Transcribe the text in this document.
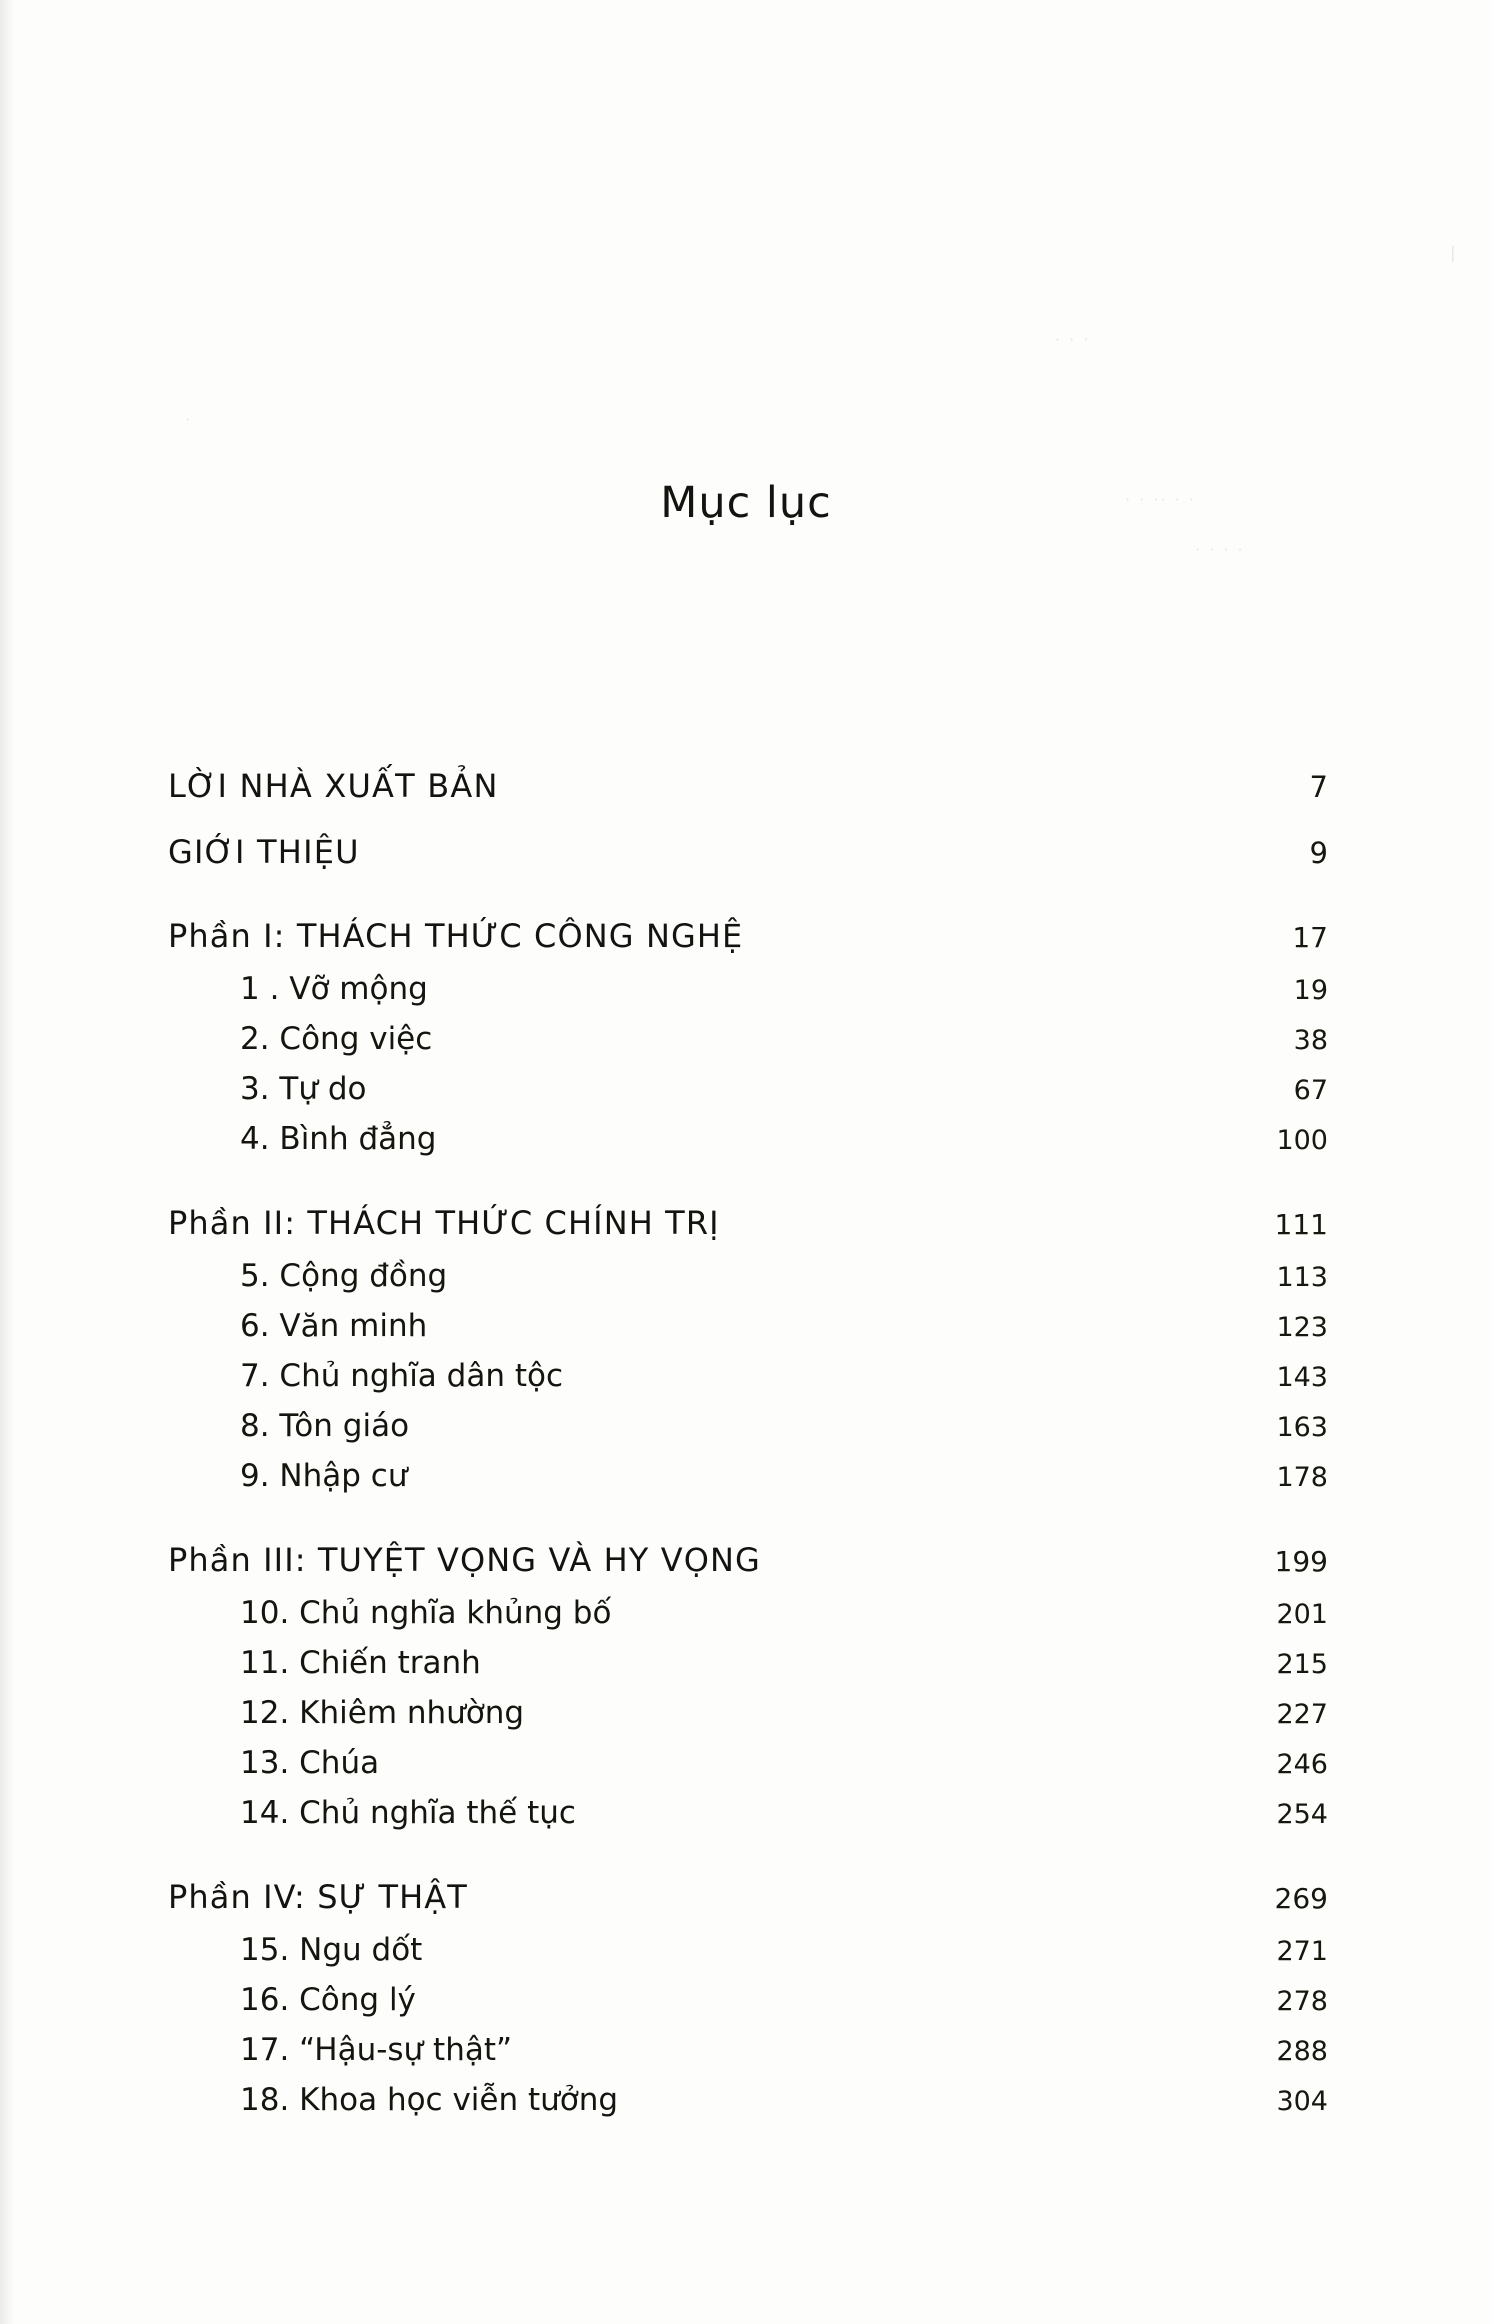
|
· · ·
· · ·· · ·
· · · ·
·
Mục lục
LỜI NHÀ XUẤT BẢN	7
GIỚI THIỆU	9
Phần I: THÁCH THỨC CÔNG NGHỆ	17
1 . Vỡ mộng	19
2. Công việc	38
3. Tự do	67
4. Bình đẳng	100
Phần II: THÁCH THỨC CHÍNH TRỊ	111
5. Cộng đồng	113
6. Văn minh	123
7. Chủ nghĩa dân tộc	143
8. Tôn giáo	163
9. Nhập cư	178
Phần III: TUYỆT VỌNG VÀ HY VỌNG	199
10. Chủ nghĩa khủng bố	201
11. Chiến tranh	215
12. Khiêm nhường	227
13. Chúa	246
14. Chủ nghĩa thế tục	254
Phần IV: SỰ THẬT	269
15. Ngu dốt	271
16. Công lý	278
17. “Hậu-sự thật”	288
18. Khoa học viễn tưởng	304
